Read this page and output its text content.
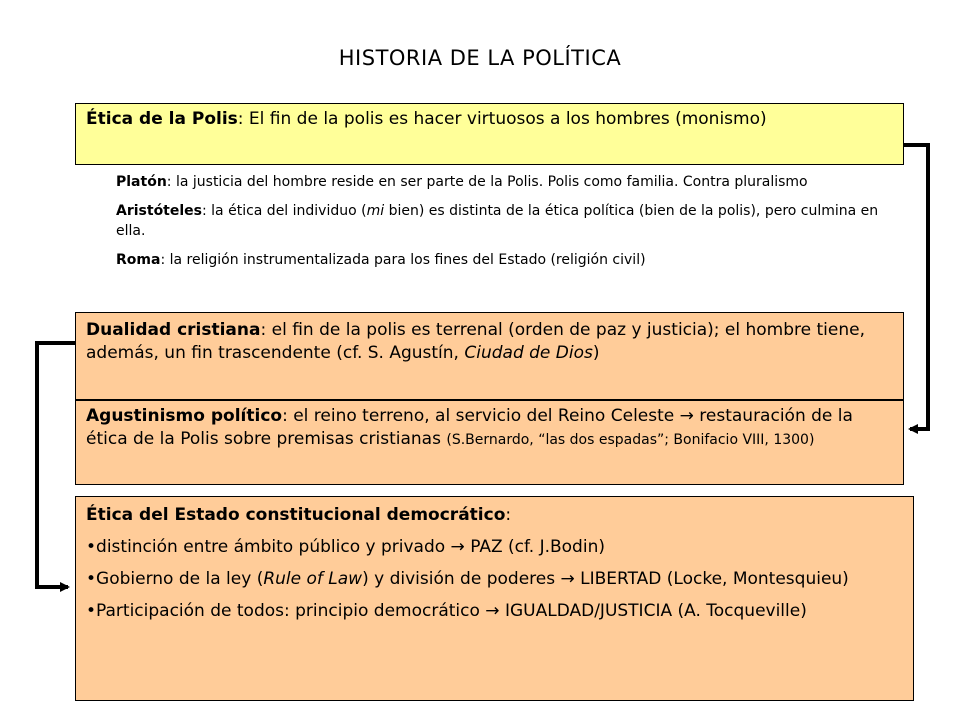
HISTORIA DE LA POLÍTICA
Ética de la Polis: El fin de la polis es hacer virtuosos a los hombres (monismo)
Platón: la justicia del hombre reside en ser parte de la Polis. Polis como familia. Contra pluralismo
Aristóteles: la ética del individuo (mi bien) es distinta de la ética política (bien de la polis), pero culmina en ella.
Roma: la religión instrumentalizada para los fines del Estado (religión civil)
Dualidad cristiana: el fin de la polis es terrenal (orden de paz y justicia); el hombre tiene, además, un fin trascendente (cf. S. Agustín, Ciudad de Dios)
Agustinismo político: el reino terreno, al servicio del Reino Celeste → restauración de la ética de la Polis sobre premisas cristianas (S.Bernardo, “las dos espadas”; Bonifacio VIII, 1300)

Ética del Estado constitucional democrático:

•distinción entre ámbito público y privado → PAZ (cf. J.Bodin)

•Gobierno de la ley (Rule of Law) y división de poderes → LIBERTAD (Locke, Montesquieu)

•Participación de todos: principio democrático → IGUALDAD/JUSTICIA (A. Tocqueville)
